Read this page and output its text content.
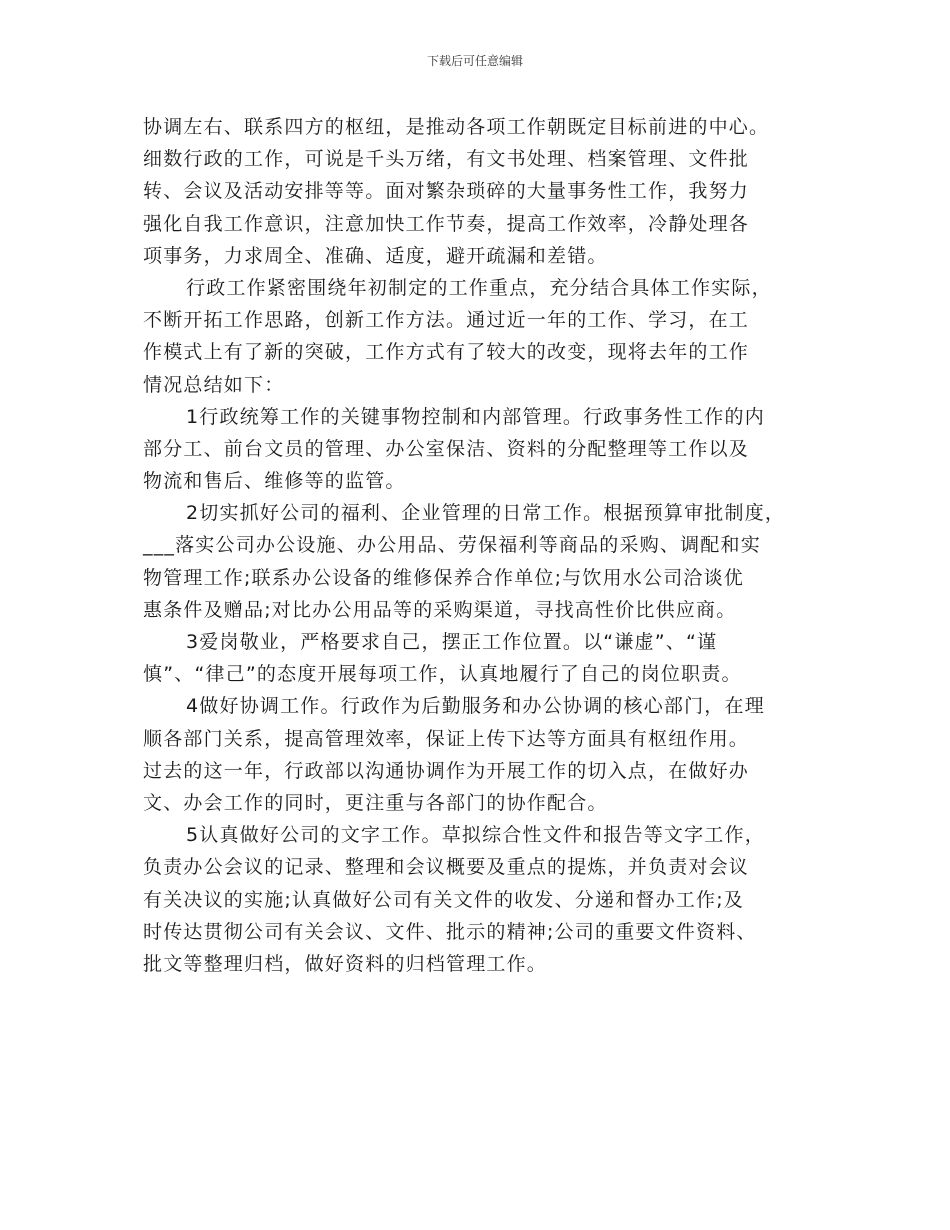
下载后可任意编辑
协调左右、联系四方的枢纽，是推动各项工作朝既定目标前进的中心。
细数行政的工作，可说是千头万绪，有文书处理、档案管理、文件批
转、会议及活动安排等等。面对繁杂琐碎的大量事务性工作，我努力
强化自我工作意识，注意加快工作节奏，提高工作效率，冷静处理各
项事务，力求周全、准确、适度，避开疏漏和差错。
行政工作紧密围绕年初制定的工作重点，充分结合具体工作实际，
不断开拓工作思路，创新工作方法。通过近一年的工作、学习，在工
作模式上有了新的突破，工作方式有了较大的改变，现将去年的工作
情况总结如下：
1行政统筹工作的关键事物控制和内部管理。行政事务性工作的内
部分工、前台文员的管理、办公室保洁、资料的分配整理等工作以及
物流和售后、维修等的监管。
2切实抓好公司的福利、企业管理的日常工作。根据预算审批制度，
___落实公司办公设施、办公用品、劳保福利等商品的采购、调配和实
物管理工作;联系办公设备的维修保养合作单位;与饮用水公司洽谈优
惠条件及赠品;对比办公用品等的采购渠道，寻找高性价比供应商。
3爱岗敬业，严格要求自己，摆正工作位置。以“谦虚”、“谨
慎”、“律己”的态度开展每项工作，认真地履行了自己的岗位职责。
4做好协调工作。行政作为后勤服务和办公协调的核心部门，在理
顺各部门关系，提高管理效率，保证上传下达等方面具有枢纽作用。
过去的这一年，行政部以沟通协调作为开展工作的切入点，在做好办
文、办会工作的同时，更注重与各部门的协作配合。
5认真做好公司的文字工作。草拟综合性文件和报告等文字工作，
负责办公会议的记录、整理和会议概要及重点的提炼，并负责对会议
有关决议的实施;认真做好公司有关文件的收发、分递和督办工作;及
时传达贯彻公司有关会议、文件、批示的精神;公司的重要文件资料、
批文等整理归档，做好资料的归档管理工作。
